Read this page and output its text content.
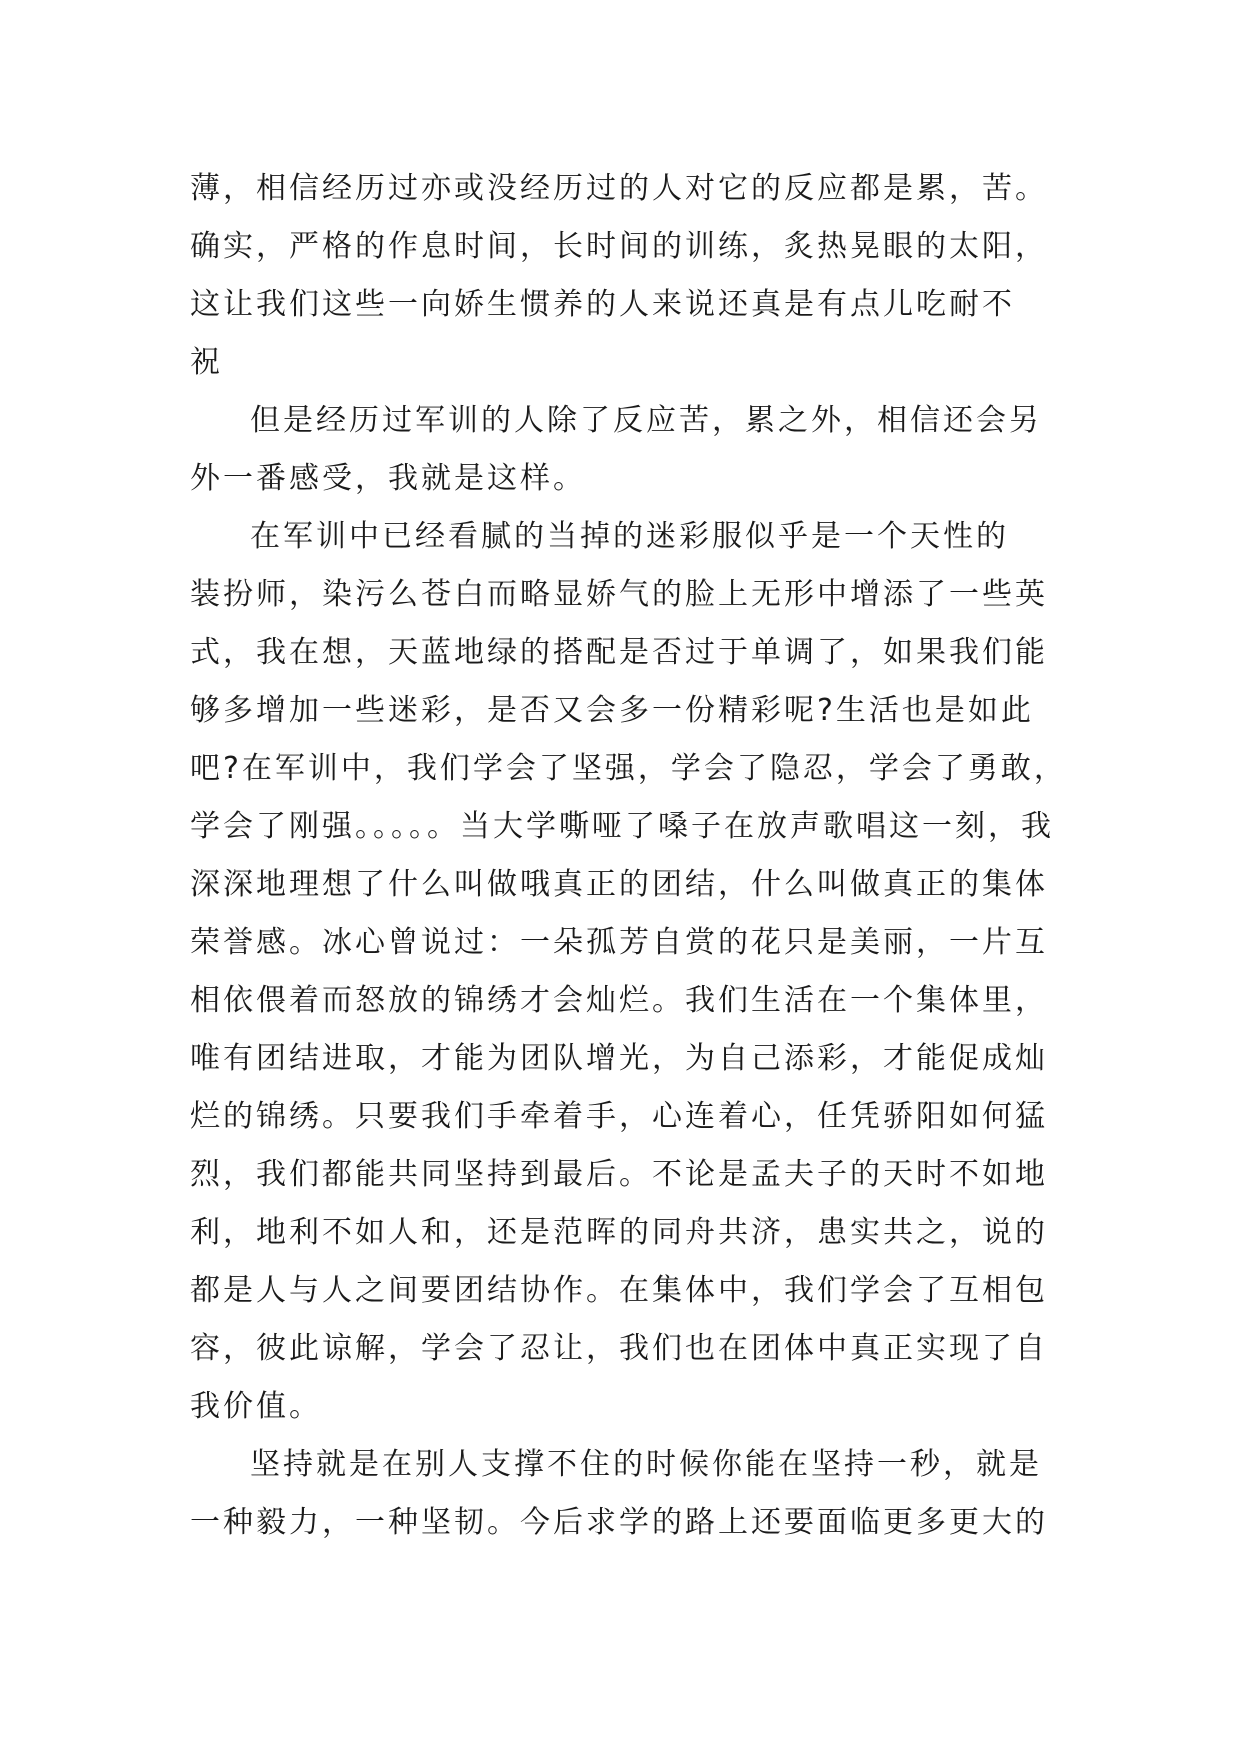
薄，相信经历过亦或没经历过的人对它的反应都是累，苦。
确实，严格的作息时间，长时间的训练，炙热晃眼的太阳，
这让我们这些一向娇生惯养的人来说还真是有点儿吃耐不
祝
但是经历过军训的人除了反应苦，累之外，相信还会另
外一番感受，我就是这样。
在军训中已经看腻的当掉的迷彩服似乎是一个天性的
装扮师，染污么苍白而略显娇气的脸上无形中增添了一些英
式，我在想，天蓝地绿的搭配是否过于单调了，如果我们能
够多增加一些迷彩，是否又会多一份精彩呢?生活也是如此
吧?在军训中，我们学会了坚强，学会了隐忍，学会了勇敢，
学会了刚强。。。。。当大学嘶哑了嗓子在放声歌唱这一刻，我
深深地理想了什么叫做哦真正的团结，什么叫做真正的集体
荣誉感。冰心曾说过：一朵孤芳自赏的花只是美丽，一片互
相依偎着而怒放的锦绣才会灿烂。我们生活在一个集体里，
唯有团结进取，才能为团队增光，为自己添彩，才能促成灿
烂的锦绣。只要我们手牵着手，心连着心，任凭骄阳如何猛
烈，我们都能共同坚持到最后。不论是孟夫子的天时不如地
利，地利不如人和，还是范晖的同舟共济，患实共之，说的
都是人与人之间要团结协作。在集体中，我们学会了互相包
容，彼此谅解，学会了忍让，我们也在团体中真正实现了自
我价值。
坚持就是在别人支撑不住的时候你能在坚持一秒，就是
一种毅力，一种坚韧。今后求学的路上还要面临更多更大的
